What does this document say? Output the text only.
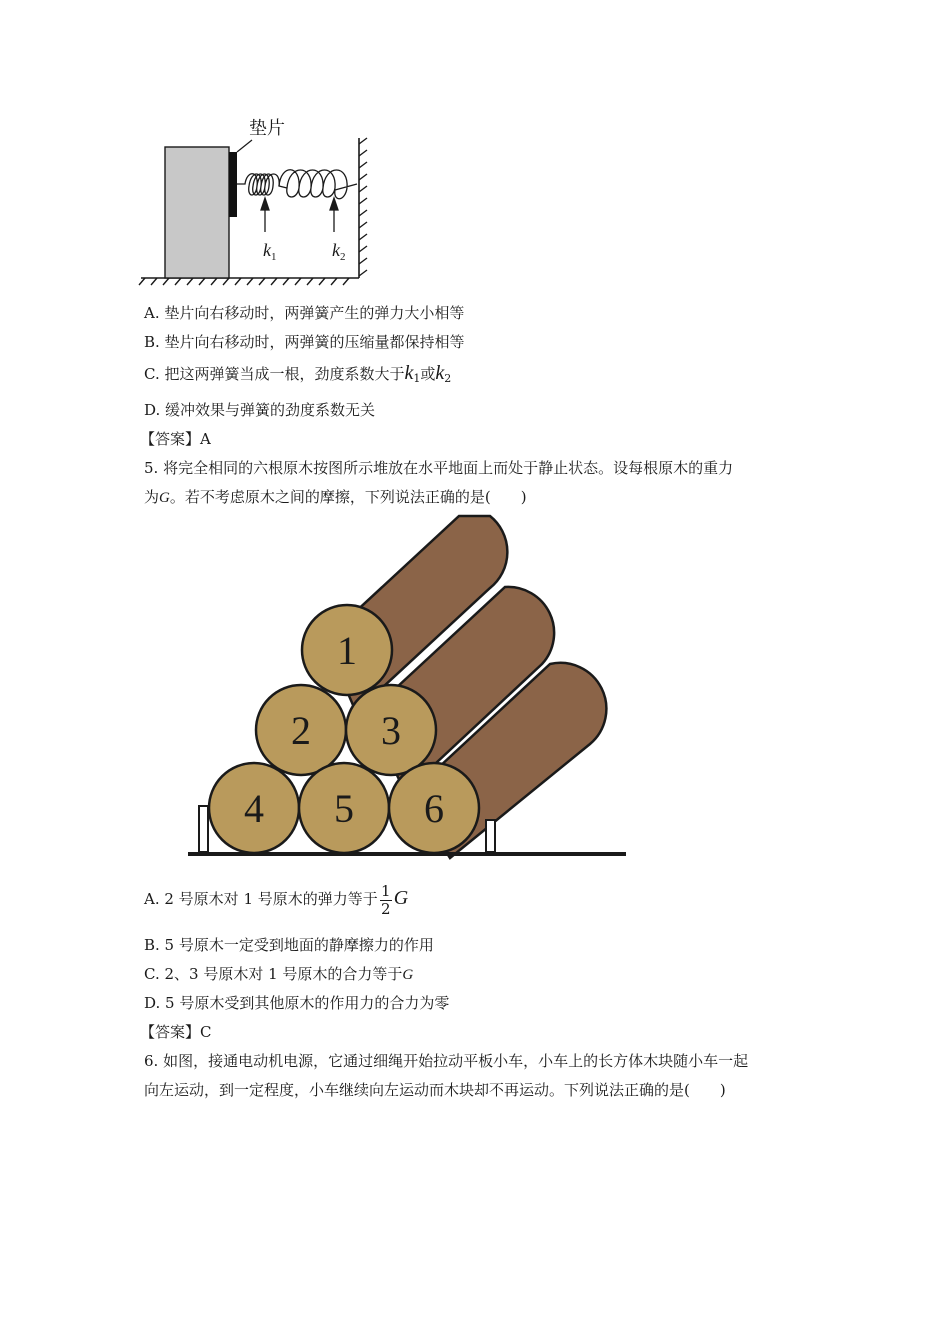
垫片
$k_1$	$k_2$
A. 垫片向右移动时，两弹簧产生的弹力大小相等
B. 垫片向右移动时，两弹簧的压缩量都保持相等
C. 把这两弹簧当成一根，劲度系数大于$k_1$或$k_2$
D. 缓冲效果与弹簧的劲度系数无关
【答案】A
5. 将完全相同的六根原木按图所示堆放在水平地面上而处于静止状态。设每根原木的重力
为G。若不考虑原木之间的摩擦，下列说法正确的是(　　)
1
2 3
4 5 6
A. 2 号原木对 1 号原木的弹力等于 $\frac{1}{2}$ G
B. 5 号原木一定受到地面的静摩擦力的作用
C. 2、3 号原木对 1 号原木的合力等于G
D. 5 号原木受到其他原木的作用力的合力为零
【答案】C
6. 如图，接通电动机电源，它通过细绳开始拉动平板小车，小车上的长方体木块随小车一起
向左运动，到一定程度，小车继续向左运动而木块却不再运动。下列说法正确的是(　　)
